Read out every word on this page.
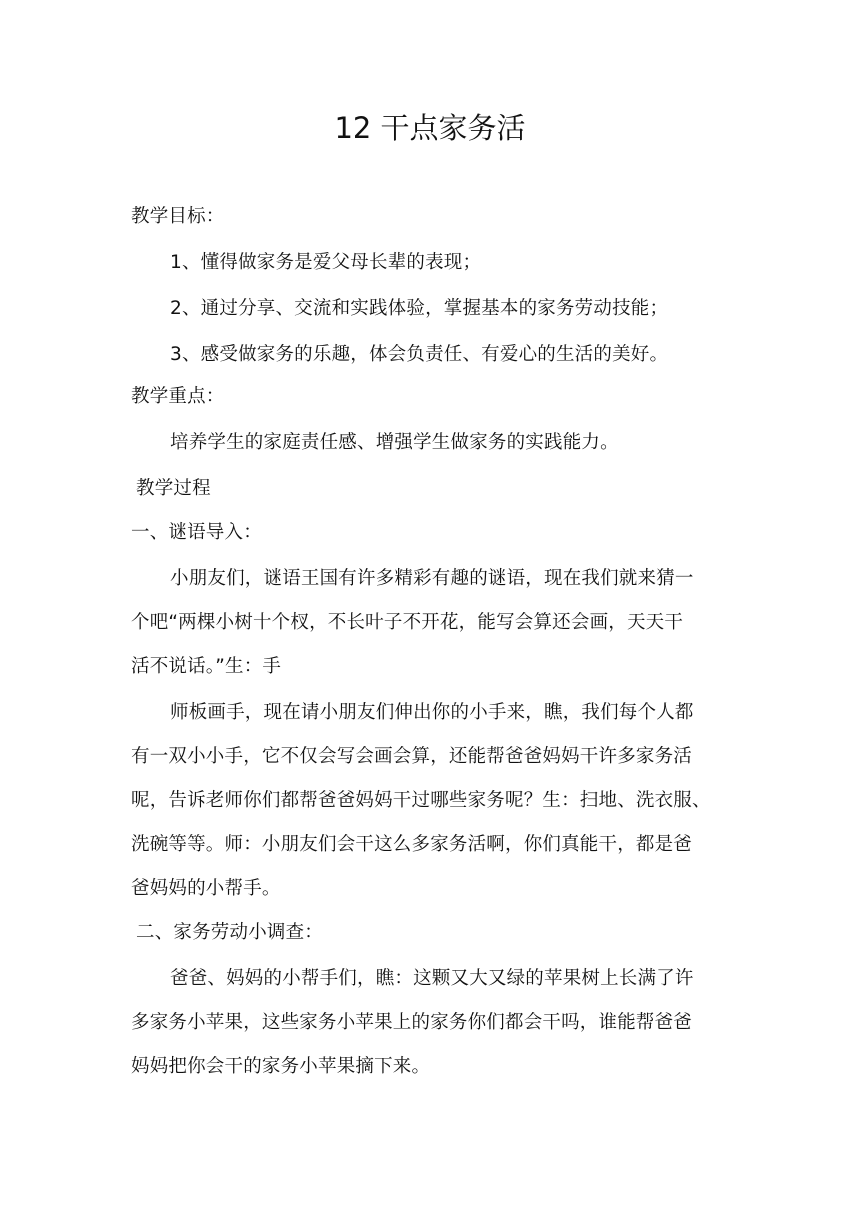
12 干点家务活

教学目标：

1、懂得做家务是爱父母长辈的表现；

2、通过分享、交流和实践体验，掌握基本的家务劳动技能；

3、感受做家务的乐趣，体会负责任、有爱心的生活的美好。

教学重点：

培养学生的家庭责任感、增强学生做家务的实践能力。

教学过程

一、谜语导入：

小朋友们，谜语王国有许多精彩有趣的谜语，现在我们就来猜一

个吧“两棵小树十个杈，不长叶子不开花，能写会算还会画，天天干

活不说话。”生：手

师板画手，现在请小朋友们伸出你的小手来，瞧，我们每个人都

有一双小小手，它不仅会写会画会算，还能帮爸爸妈妈干许多家务活

呢，告诉老师你们都帮爸爸妈妈干过哪些家务呢？生：扫地、洗衣服、

洗碗等等。师：小朋友们会干这么多家务活啊，你们真能干，都是爸

爸妈妈的小帮手。

二、家务劳动小调查：

爸爸、妈妈的小帮手们，瞧：这颗又大又绿的苹果树上长满了许

多家务小苹果，这些家务小苹果上的家务你们都会干吗，谁能帮爸爸

妈妈把你会干的家务小苹果摘下来。
